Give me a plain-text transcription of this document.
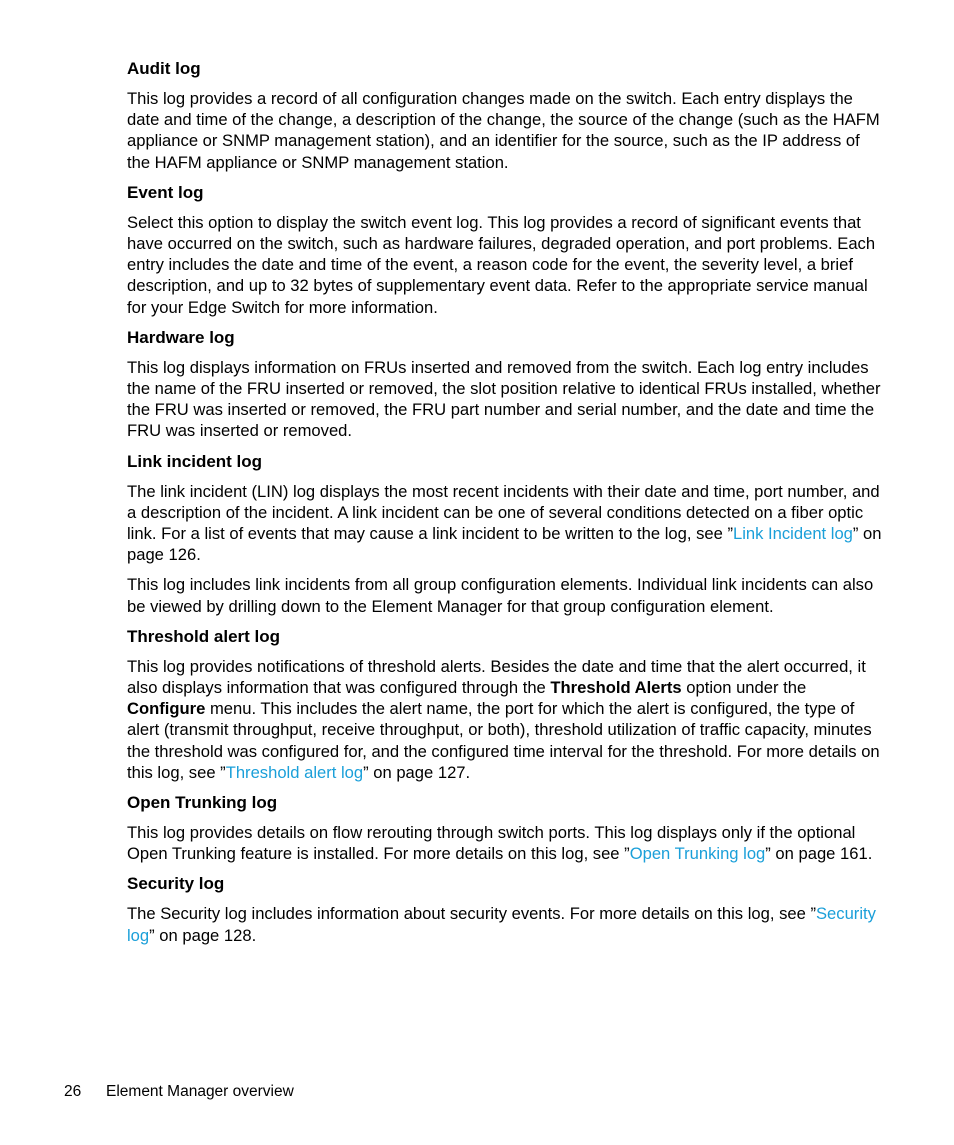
Audit log

This log provides a record of all configuration changes made on the switch. Each entry displays the date and time of the change, a description of the change, the source of the change (such as the HAFM appliance or SNMP management station), and an identifier for the source, such as the IP address of the HAFM appliance or SNMP management station.

Event log

Select this option to display the switch event log. This log provides a record of significant events that have occurred on the switch, such as hardware failures, degraded operation, and port problems. Each entry includes the date and time of the event, a reason code for the event, the severity level, a brief description, and up to 32 bytes of supplementary event data. Refer to the appropriate service manual for your Edge Switch for more information.

Hardware log

This log displays information on FRUs inserted and removed from the switch. Each log entry includes the name of the FRU inserted or removed, the slot position relative to identical FRUs installed, whether the FRU was inserted or removed, the FRU part number and serial number, and the date and time the FRU was inserted or removed.

Link incident log

The link incident (LIN) log displays the most recent incidents with their date and time, port number, and a description of the incident. A link incident can be one of several conditions detected on a fiber optic link. For a list of events that may cause a link incident to be written to the log, see ”Link Incident log” on page 126.

This log includes link incidents from all group configuration elements. Individual link incidents can also be viewed by drilling down to the Element Manager for that group configuration element.

Threshold alert log

This log provides notifications of threshold alerts. Besides the date and time that the alert occurred, it also displays information that was configured through the Threshold Alerts option under the Configure menu. This includes the alert name, the port for which the alert is configured, the type of alert (transmit throughput, receive throughput, or both), threshold utilization of traffic capacity, minutes the threshold was configured for, and the configured time interval for the threshold. For more details on this log, see ”Threshold alert log” on page 127.

Open Trunking log

This log provides details on flow rerouting through switch ports. This log displays only if the optional Open Trunking feature is installed. For more details on this log, see ”Open Trunking log” on page 161.

Security log

The Security log includes information about security events. For more details on this log, see ”Security log” on page 128.

26 Element Manager overview
